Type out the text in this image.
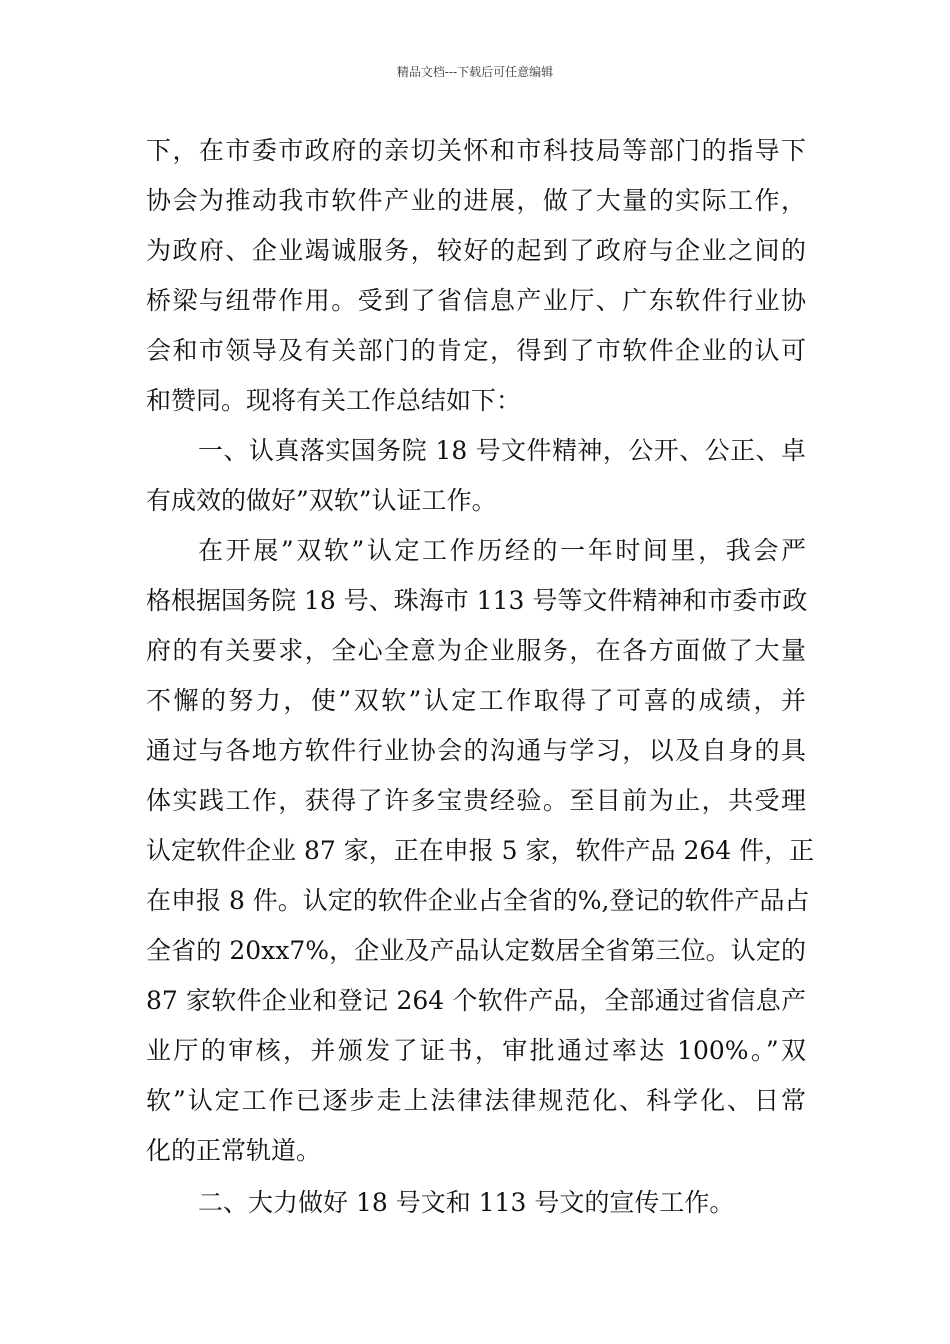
精品文档---下载后可任意编辑
下，在市委市政府的亲切关怀和市科技局等部门的指导下
协会为推动我市软件产业的进展，做了大量的实际工作，
为政府、企业竭诚服务，较好的起到了政府与企业之间的
桥梁与纽带作用。受到了省信息产业厅、广东软件行业协
会和市领导及有关部门的肯定，得到了市软件企业的认可
和赞同。现将有关工作总结如下：
一、认真落实国务院 18 号文件精神，公开、公正、卓
有成效的做好”双软”认证工作。
在开展”双软”认定工作历经的一年时间里，我会严
格根据国务院 18 号、珠海市 113 号等文件精神和市委市政
府的有关要求，全心全意为企业服务，在各方面做了大量
不懈的努力，使”双软”认定工作取得了可喜的成绩，并
通过与各地方软件行业协会的沟通与学习，以及自身的具
体实践工作，获得了许多宝贵经验。至目前为止，共受理
认定软件企业 87 家，正在申报 5 家，软件产品 264 件，正
在申报 8 件。认定的软件企业占全省的%,登记的软件产品占
全省的 20xx7%，企业及产品认定数居全省第三位。认定的
87 家软件企业和登记 264 个软件产品，全部通过省信息产
业厅的审核，并颁发了证书，审批通过率达 100%。”双
软”认定工作已逐步走上法律法律规范化、科学化、日常
化的正常轨道。
二、大力做好 18 号文和 113 号文的宣传工作。
